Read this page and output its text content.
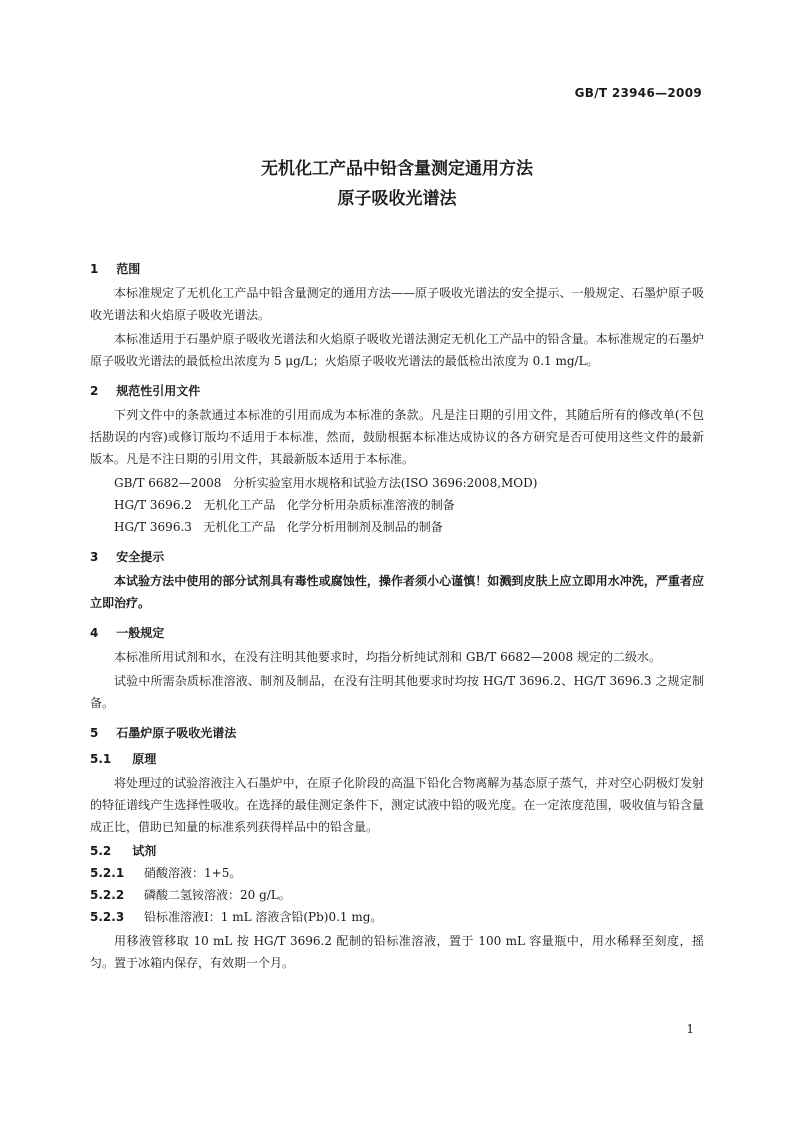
GB/T 23946—2009
无机化工产品中铅含量测定通用方法
原子吸收光谱法
1 范围
本标准规定了无机化工产品中铅含量测定的通用方法——原子吸收光谱法的安全提示、一般规定、石墨炉原子吸收光谱法和火焰原子吸收光谱法。
本标准适用于石墨炉原子吸收光谱法和火焰原子吸收光谱法测定无机化工产品中的铅含量。本标准规定的石墨炉原子吸收光谱法的最低检出浓度为 5 μg/L；火焰原子吸收光谱法的最低检出浓度为 0.1 mg/L。
2 规范性引用文件
下列文件中的条款通过本标准的引用而成为本标准的条款。凡是注日期的引用文件，其随后所有的修改单(不包括勘误的内容)或修订版均不适用于本标准，然而，鼓励根据本标准达成协议的各方研究是否可使用这些文件的最新版本。凡是不注日期的引用文件，其最新版本适用于本标准。
GB/T 6682—2008   分析实验室用水规格和试验方法(ISO 3696:2008,MOD)
HG/T 3696.2   无机化工产品   化学分析用杂质标准溶液的制备
HG/T 3696.3   无机化工产品   化学分析用制剂及制品的制备
3 安全提示
本试验方法中使用的部分试剂具有毒性或腐蚀性，操作者须小心谨慎！如溅到皮肤上应立即用水冲洗，严重者应立即治疗。
4 一般规定
本标准所用试剂和水，在没有注明其他要求时，均指分析纯试剂和 GB/T 6682—2008 规定的二级水。
试验中所需杂质标准溶液、制剂及制品，在没有注明其他要求时均按 HG/T 3696.2、HG/T 3696.3 之规定制备。
5 石墨炉原子吸收光谱法
5.1 原理
将处理过的试验溶液注入石墨炉中，在原子化阶段的高温下铅化合物离解为基态原子蒸气，并对空心阴极灯发射的特征谱线产生选择性吸收。在选择的最佳测定条件下，测定试液中铅的吸光度。在一定浓度范围，吸收值与铅含量成正比，借助已知量的标准系列获得样品中的铅含量。
5.2 试剂
5.2.1 硝酸溶液：1+5。
5.2.2 磷酸二氢铵溶液：20 g/L。
5.2.3 铅标准溶液Ⅰ：1 mL 溶液含铅(Pb)0.1 mg。
用移液管移取 10 mL 按 HG/T 3696.2 配制的铅标准溶液，置于 100 mL 容量瓶中，用水稀释至刻度，摇匀。置于冰箱内保存，有效期一个月。
1
